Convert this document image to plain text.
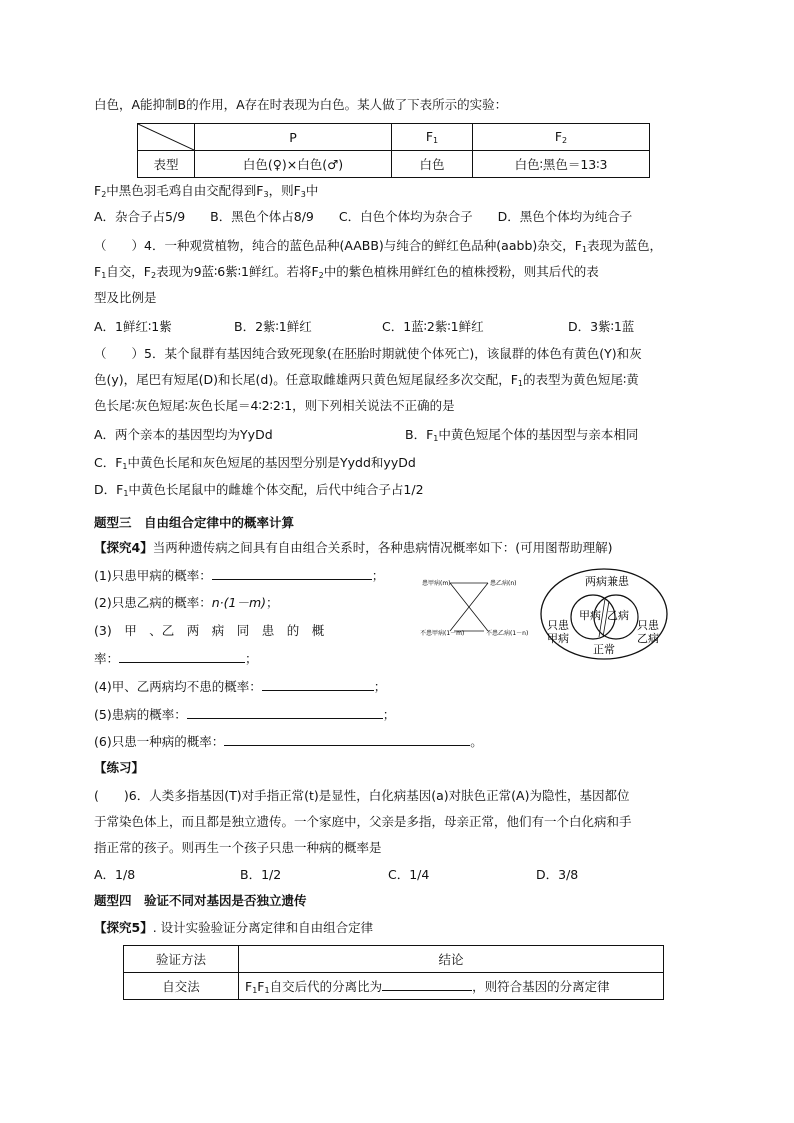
白色，A能抑制B的作用，A存在时表现为白色。某人做了下表所示的实验：
	P	$F_1$	$F_2$
表型	白色(♀)×白色(♂)	白色	白色∶黑色＝13∶3
$F_2$中黑色羽毛鸡自由交配得到$F_3$，则$F_3$中
A．杂合子占5/9　　B．黑色个体占8/9　　C．白色个体均为杂合子　　D．黑色个体均为纯合子
（　　）4．一种观赏植物，纯合的蓝色品种(AABB)与纯合的鲜红色品种(aabb)杂交，$F_1$表现为蓝色，
$F_1$自交，$F_2$表现为9蓝∶6紫∶1鲜红。若将$F_2$中的紫色植株用鲜红色的植株授粉，则其后代的表
型及比例是
A．1鲜红∶1紫	B．2紫∶1鲜红	C．1蓝∶2紫∶1鲜红	D．3紫∶1蓝
（　　）5．某个鼠群有基因纯合致死现象(在胚胎时期就使个体死亡)，该鼠群的体色有黄色(Y)和灰
色(y)，尾巴有短尾(D)和长尾(d)。任意取雌雄两只黄色短尾鼠经多次交配，$F_1$的表型为黄色短尾∶黄
色长尾∶灰色短尾∶灰色长尾＝4∶2∶2∶1，则下列相关说法不正确的是
A．两个亲本的基因型均为YyDd	B．$F_1$中黄色短尾个体的基因型与亲本相同
C．$F_1$中黄色长尾和灰色短尾的基因型分别是Yydd和yyDd
D．$F_1$中黄色长尾鼠中的雌雄个体交配，后代中纯合子占1/2
题型三　自由组合定律中的概率计算
【探究4】当两种遗传病之间具有自由组合关系时，各种患病情况概率如下：(可用图帮助理解)
(1)只患甲病的概率：	；
(2)只患乙病的概率：n·(1－m)；
(3)　甲　、乙　两　病　同　患　的　概
率：	；
(4)甲、乙两病均不患的概率：	；
(5)患病的概率：	；
(6)只患一种病的概率：	。
患甲病(m)	患乙病(n)
不患甲病(1－m)	不患乙病(1－n)
两病兼患
甲病 乙病
只患
甲病
只患
乙病
正常
【练习】
(　　)6．人类多指基因(T)对手指正常(t)是显性，白化病基因(a)对肤色正常(A)为隐性，基因都位
于常染色体上，而且都是独立遗传。一个家庭中，父亲是多指，母亲正常，他们有一个白化病和手
指正常的孩子。则再生一个孩子只患一种病的概率是
A．1/8	B．1/2	C．1/4	D．3/8
题型四　验证不同对基因是否独立遗传
【探究5】. 设计实验验证分离定律和自由组合定律
验证方法	结论
自交法	$F_1F_1$自交后代的分离比为 ，则符合基因的分离定律
